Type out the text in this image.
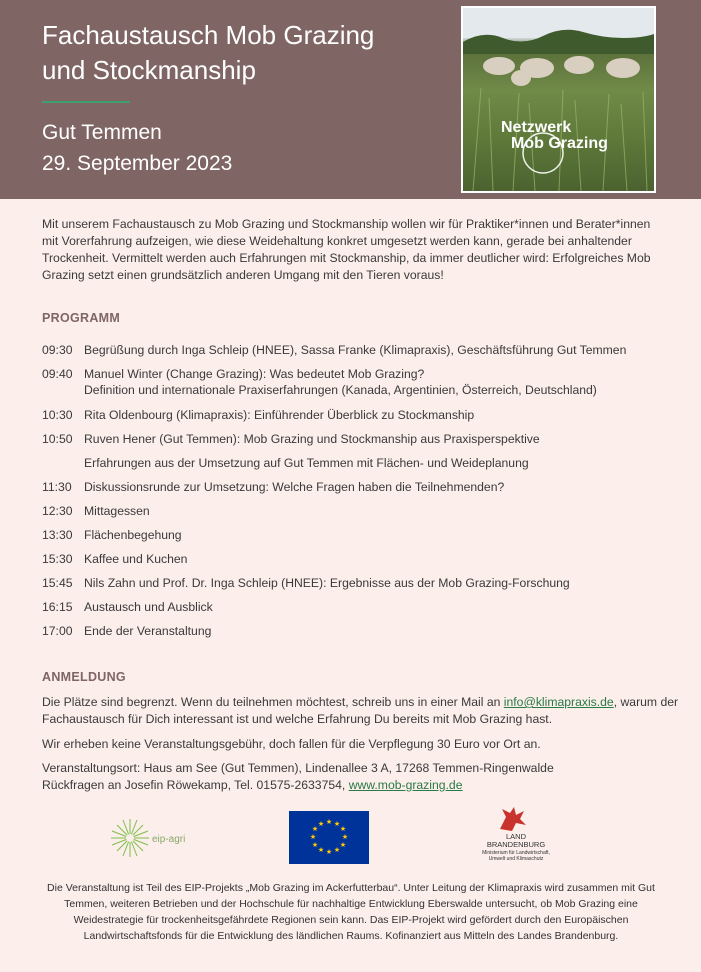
Fachaustausch Mob Grazing
und Stockmanship
Gut Temmen
29. September 2023
Netzwerk
Mob Grazing

Mit unserem Fachaustausch zu Mob Grazing und Stockmanship wollen wir für Praktiker*innen und Berater*innen mit Vorerfahrung aufzeigen, wie diese Weidehaltung konkret umgesetzt werden kann, gerade bei anhaltender Trockenheit. Vermittelt werden auch Erfahrungen mit Stockmanship, da immer deutlicher wird: Erfolgreiches Mob Grazing setzt einen grundsätzlich anderen Umgang mit den Tieren voraus!

PROGRAMM
09:30 Begrüßung durch Inga Schleip (HNEE), Sassa Franke (Klimapraxis), Geschäftsführung Gut Temmen
09:40 Manuel Winter (Change Grazing): Was bedeutet Mob Grazing?
Definition und internationale Praxiserfahrungen (Kanada, Argentinien, Österreich, Deutschland)
10:30 Rita Oldenbourg (Klimapraxis): Einführender Überblick zu Stockmanship
10:50 Ruven Hener (Gut Temmen): Mob Grazing und Stockmanship aus Praxisperspektive
Erfahrungen aus der Umsetzung auf Gut Temmen mit Flächen- und Weideplanung
11:30	Diskussionsrunde zur Umsetzung: Welche Fragen haben die Teilnehmenden?
12:30 Mittagessen
13:30 Flächenbegehung
15:30 Kaffee und Kuchen
15:45 Nils Zahn und Prof. Dr. Inga Schleip (HNEE): Ergebnisse aus der Mob Grazing-Forschung
16:15 Austausch und Ausblick
17:00 Ende der Veranstaltung
ANMELDUNG

Die Plätze sind begrenzt. Wenn du teilnehmen möchtest, schreib uns in einer Mail an info@klimapraxis.de, warum der Fachaustausch für Dich interessant ist und welche Erfahrung Du bereits mit Mob Grazing hast.

Wir erheben keine Veranstaltungsgebühr, doch fallen für die Verpflegung 30 Euro vor Ort an.

Veranstaltungsort: Haus am See (Gut Temmen), Lindenallee 3 A, 17268 Temmen-Ringenwalde
Rückfragen an Josefin Röwekamp, Tel. 01575-2633754, www.mob-grazing.de

eip-agri
★ ★
★
★
★
★
★
★
★
★
★
★
LAND
BRANDENBURG
Ministerium für Landwirtschaft, Umwelt und Klimaschutz

Die Veranstaltung ist Teil des EIP-Projekts „Mob Grazing im Ackerfutterbau“. Unter Leitung der Klimapraxis wird zusammen mit Gut Temmen, weiteren Betrieben und der Hochschule für nachhaltige Entwicklung Eberswalde untersucht, ob Mob Grazing eine Weidestrategie für trockenheitsgefährdete Regionen sein kann. Das EIP-Projekt wird gefördert durch den Europäischen Landwirtschaftsfonds für die Entwicklung des ländlichen Raums. Kofinanziert aus Mitteln des Landes Brandenburg.
